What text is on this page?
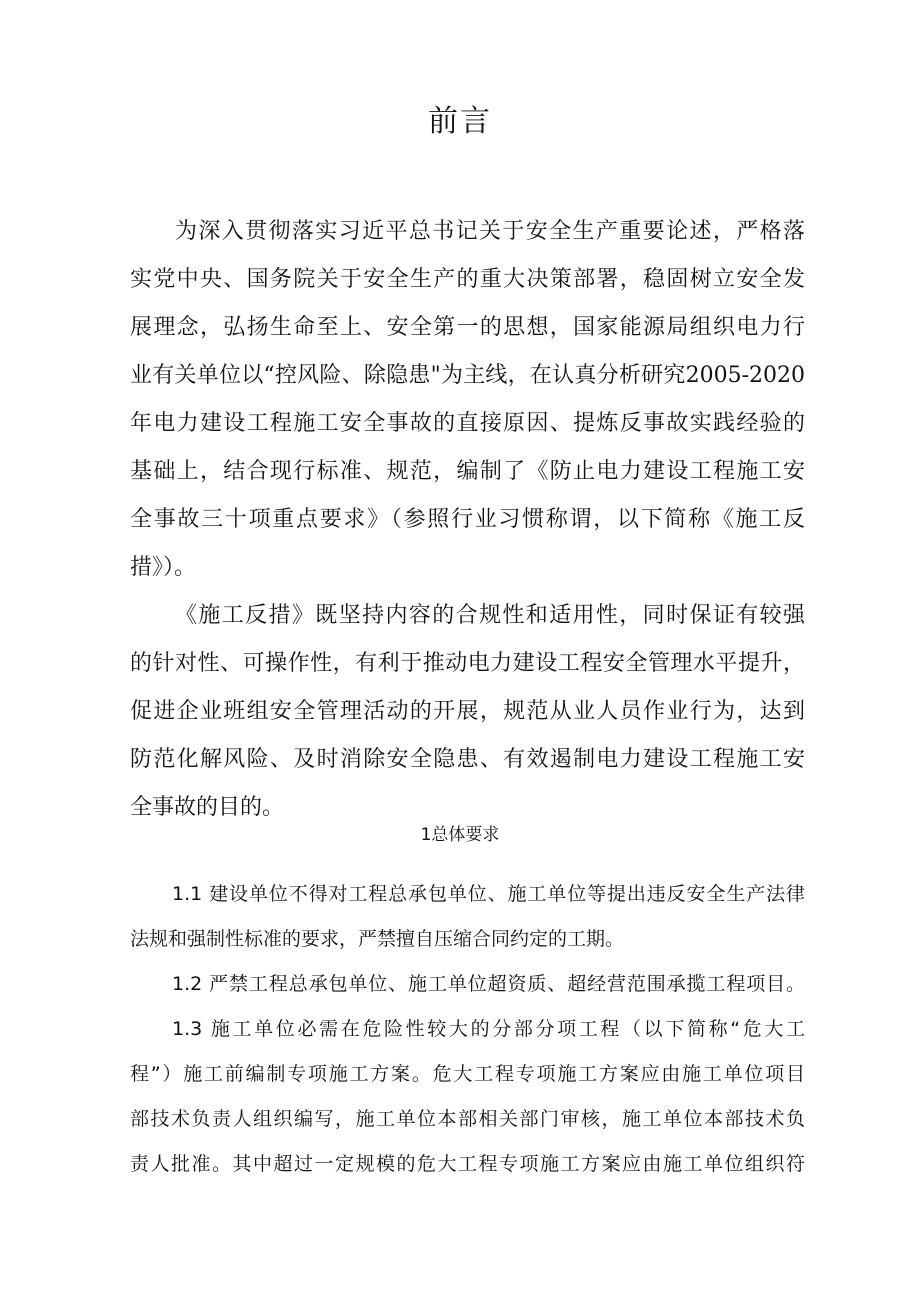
前言
为深入贯彻落实习近平总书记关于安全生产重要论述，严格落
实党中央、国务院关于安全生产的重大决策部署，稳固树立安全发
展理念，弘扬生命至上、安全第一的思想，国家能源局组织电力行
业有关单位以“控风险、除隐患"为主线，在认真分析研究2005-2020
年电力建设工程施工安全事故的直接原因、提炼反事故实践经验的
基础上，结合现行标准、规范，编制了《防止电力建设工程施工安
全事故三十项重点要求》（参照行业习惯称谓，以下简称《施工反
措》）。
《施工反措》既坚持内容的合规性和适用性，同时保证有较强
的针对性、可操作性，有利于推动电力建设工程安全管理水平提升，
促进企业班组安全管理活动的开展，规范从业人员作业行为，达到
防范化解风险、及时消除安全隐患、有效遏制电力建设工程施工安
全事故的目的。
1总体要求
1.1 建设单位不得对工程总承包单位、施工单位等提出违反安全生产法律
法规和强制性标准的要求，严禁擅自压缩合同约定的工期。
1.2 严禁工程总承包单位、施工单位超资质、超经营范围承揽工程项目。
1.3 施工单位必需在危险性较大的分部分项工程（以下简称“危大工
程”）施工前编制专项施工方案。危大工程专项施工方案应由施工单位项目
部技术负责人组织编写，施工单位本部相关部门审核，施工单位本部技术负
责人批准。其中超过一定规模的危大工程专项施工方案应由施工单位组织符
